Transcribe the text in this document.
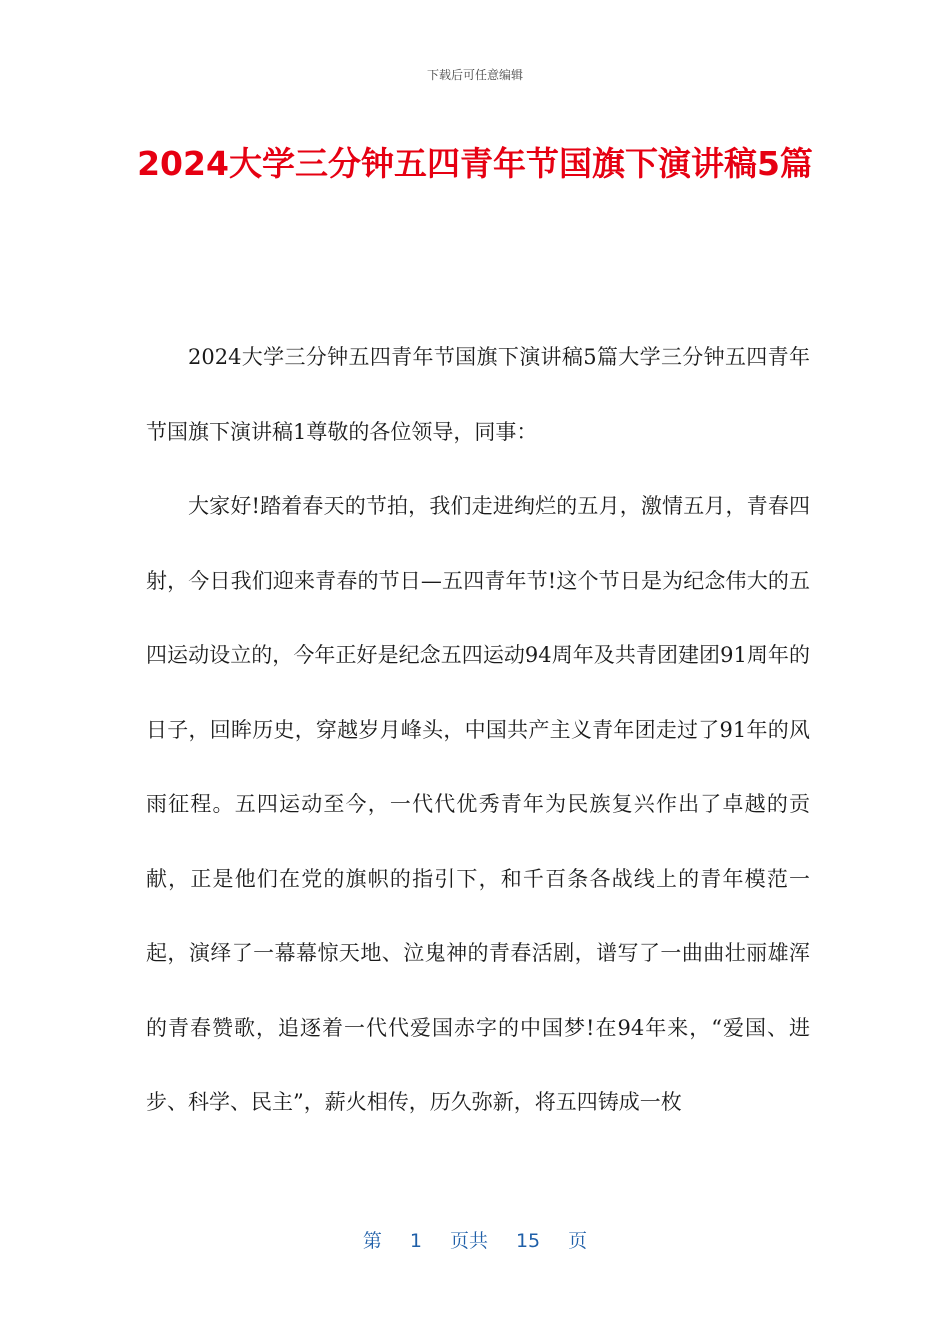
下载后可任意编辑
2024大学三分钟五四青年节国旗下演讲稿5篇

2024大学三分钟五四青年节国旗下演讲稿5篇大学三分钟五四青年节国旗下演讲稿1尊敬的各位领导，同事：

大家好!踏着春天的节拍，我们走进绚烂的五月，激情五月，青春四射，今日我们迎来青春的节日—五四青年节!这个节日是为纪念伟大的五四运动设立的，今年正好是纪念五四运动94周年及共青团建团91周年的日子，回眸历史，穿越岁月峰头，中国共产主义青年团走过了91年的风雨征程。五四运动至今，一代代优秀青年为民族复兴作出了卓越的贡献，正是他们在党的旗帜的指引下，和千百条各战线上的青年模范一起，演绎了一幕幕惊天地、泣鬼神的青春活剧，谱写了一曲曲壮丽雄浑的青春赞歌，追逐着一代代爱国赤字的中国梦!在94年来，“爱国、进步、科学、民主”，薪火相传，历久弥新，将五四铸成一枚

第 1 页共 15 页
